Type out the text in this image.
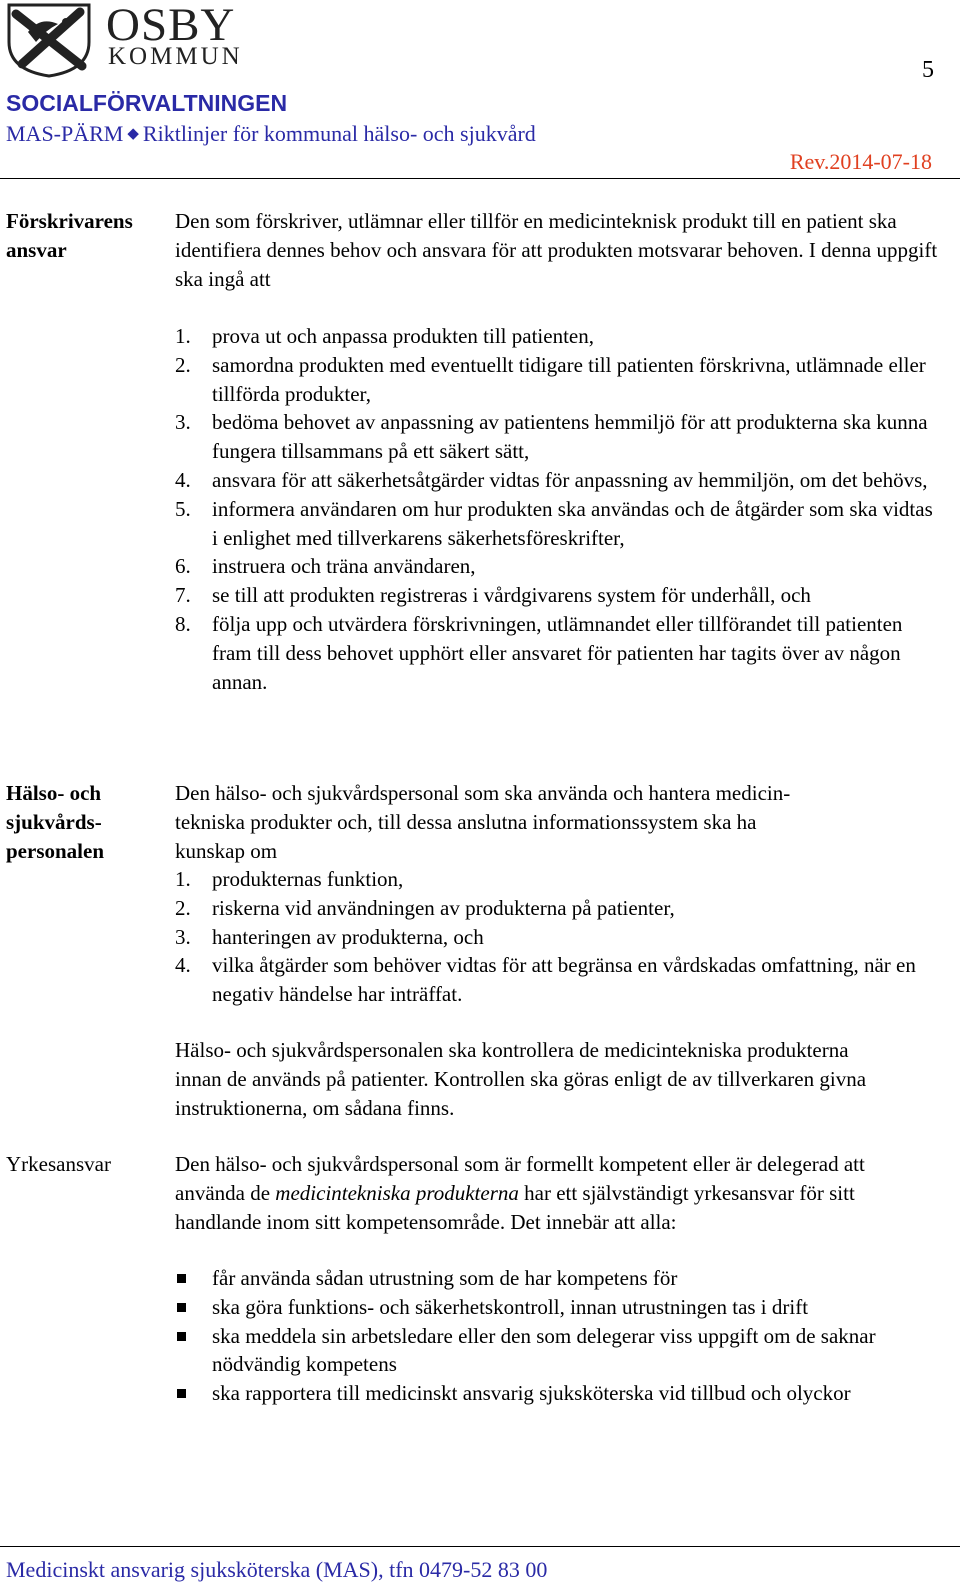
OSBY
KOMMUN	5
SOCIALFÖRVALTNINGEN
MAS-PÄRM ◆ Riktlinjer för kommunal hälso- och sjukvård
Rev.2014-07-18
Förskrivarens
ansvar
Den som förskriver, utlämnar eller tillför en medicinteknisk produkt till en patient ska identifiera dennes behov och ansvara för att produkten motsvarar behoven. I denna uppgift ska ingå att
1. prova ut och anpassa produkten till patienten,
2. samordna produkten med eventuellt tidigare till patienten förskrivna, utlämnade eller tillförda produkter,
3. bedöma behovet av anpassning av patientens hemmiljö för att produkterna ska kunna fungera tillsammans på ett säkert sätt,
4. ansvara för att säkerhetsåtgärder vidtas för anpassning av hemmiljön, om det behövs,
5. informera användaren om hur produkten ska användas och de åtgärder som ska vidtas i enlighet med tillverkarens säkerhetsföreskrifter,
6. instruera och träna användaren,
7. se till att produkten registreras i vårdgivarens system för underhåll, och
8. följa upp och utvärdera förskrivningen, utlämnandet eller tillförandet till patienten fram till dess behovet upphört eller ansvaret för patienten har tagits över av någon annan.
Hälso- och
sjukvårds-
personalen
Den hälso- och sjukvårdspersonal som ska använda och hantera medicin-
tekniska produkter och, till dessa anslutna informationssystem ska ha
kunskap om
1. produkternas funktion,
2. riskerna vid användningen av produkterna på patienter,
3. hanteringen av produkterna, och
4. vilka åtgärder som behöver vidtas för att begränsa en vårdskadas omfattning, när en negativ händelse har inträffat.
Hälso- och sjukvårdspersonalen ska kontrollera de medicintekniska produkterna innan de används på patienter. Kontrollen ska göras enligt de av tillverkaren givna instruktionerna, om sådana finns.
Yrkesansvar	Den hälso- och sjukvårdspersonal som är formellt kompetent eller är delegerad att använda de medicintekniska produkterna har ett självständigt yrkesansvar för sitt handlande inom sitt kompetensområde. Det innebär att alla:
får använda sådan utrustning som de har kompetens för
ska göra funktions- och säkerhetskontroll, innan utrustningen tas i drift
ska meddela sin arbetsledare eller den som delegerar viss uppgift om de saknar nödvändig kompetens
ska rapportera till medicinskt ansvarig sjuksköterska vid tillbud och olyckor
Medicinskt ansvarig sjuksköterska (MAS), tfn 0479-52 83 00
